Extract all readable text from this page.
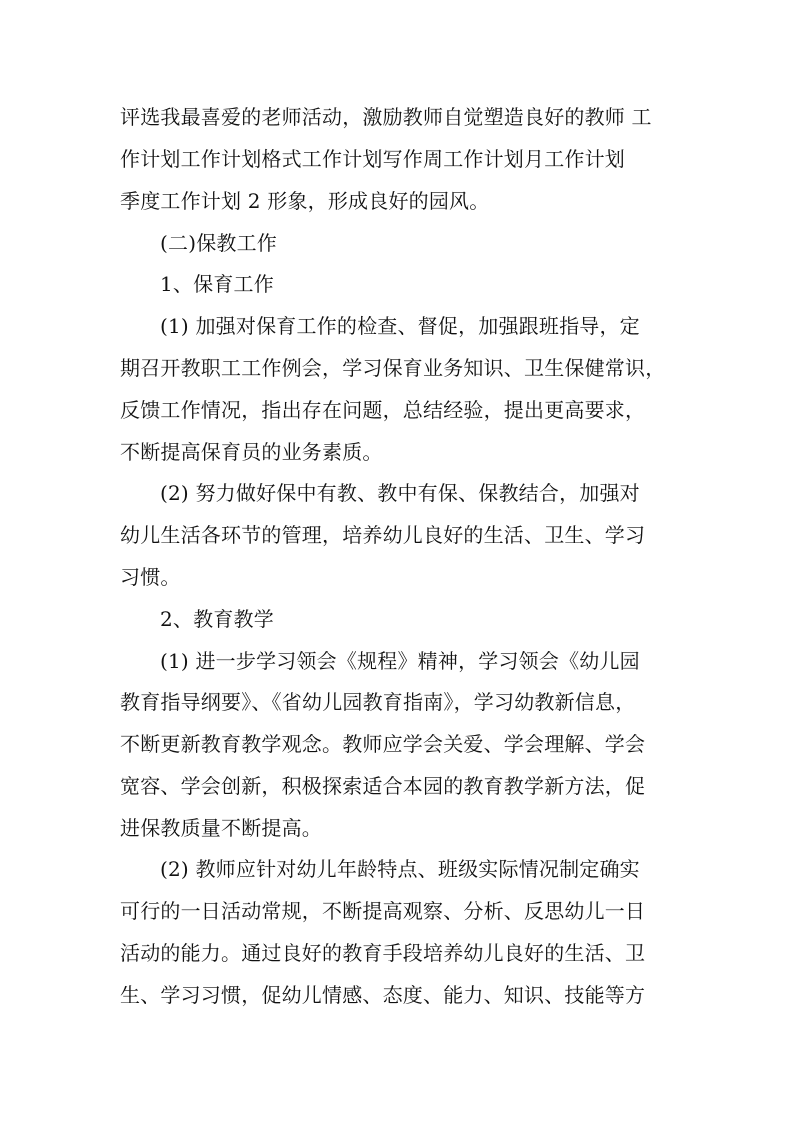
评选我最喜爱的老师活动，激励教师自觉塑造良好的教师 工
作计划工作计划格式工作计划写作周工作计划月工作计划
季度工作计划 2 形象，形成良好的园风。
(二)保教工作
1、保育工作
(1) 加强对保育工作的检查、督促，加强跟班指导，定
期召开教职工工作例会，学习保育业务知识、卫生保健常识，
反馈工作情况，指出存在问题，总结经验，提出更高要求，
不断提高保育员的业务素质。
(2) 努力做好保中有教、教中有保、保教结合，加强对
幼儿生活各环节的管理，培养幼儿良好的生活、卫生、学习
习惯。
2、教育教学
(1) 进一步学习领会《规程》精神，学习领会《幼儿园
教育指导纲要》、《省幼儿园教育指南》，学习幼教新信息，
不断更新教育教学观念。教师应学会关爱、学会理解、学会
宽容、学会创新，积极探索适合本园的教育教学新方法，促
进保教质量不断提高。
(2) 教师应针对幼儿年龄特点、班级实际情况制定确实
可行的一日活动常规，不断提高观察、分析、反思幼儿一日
活动的能力。通过良好的教育手段培养幼儿良好的生活、卫
生、学习习惯，促幼儿情感、态度、能力、知识、技能等方
